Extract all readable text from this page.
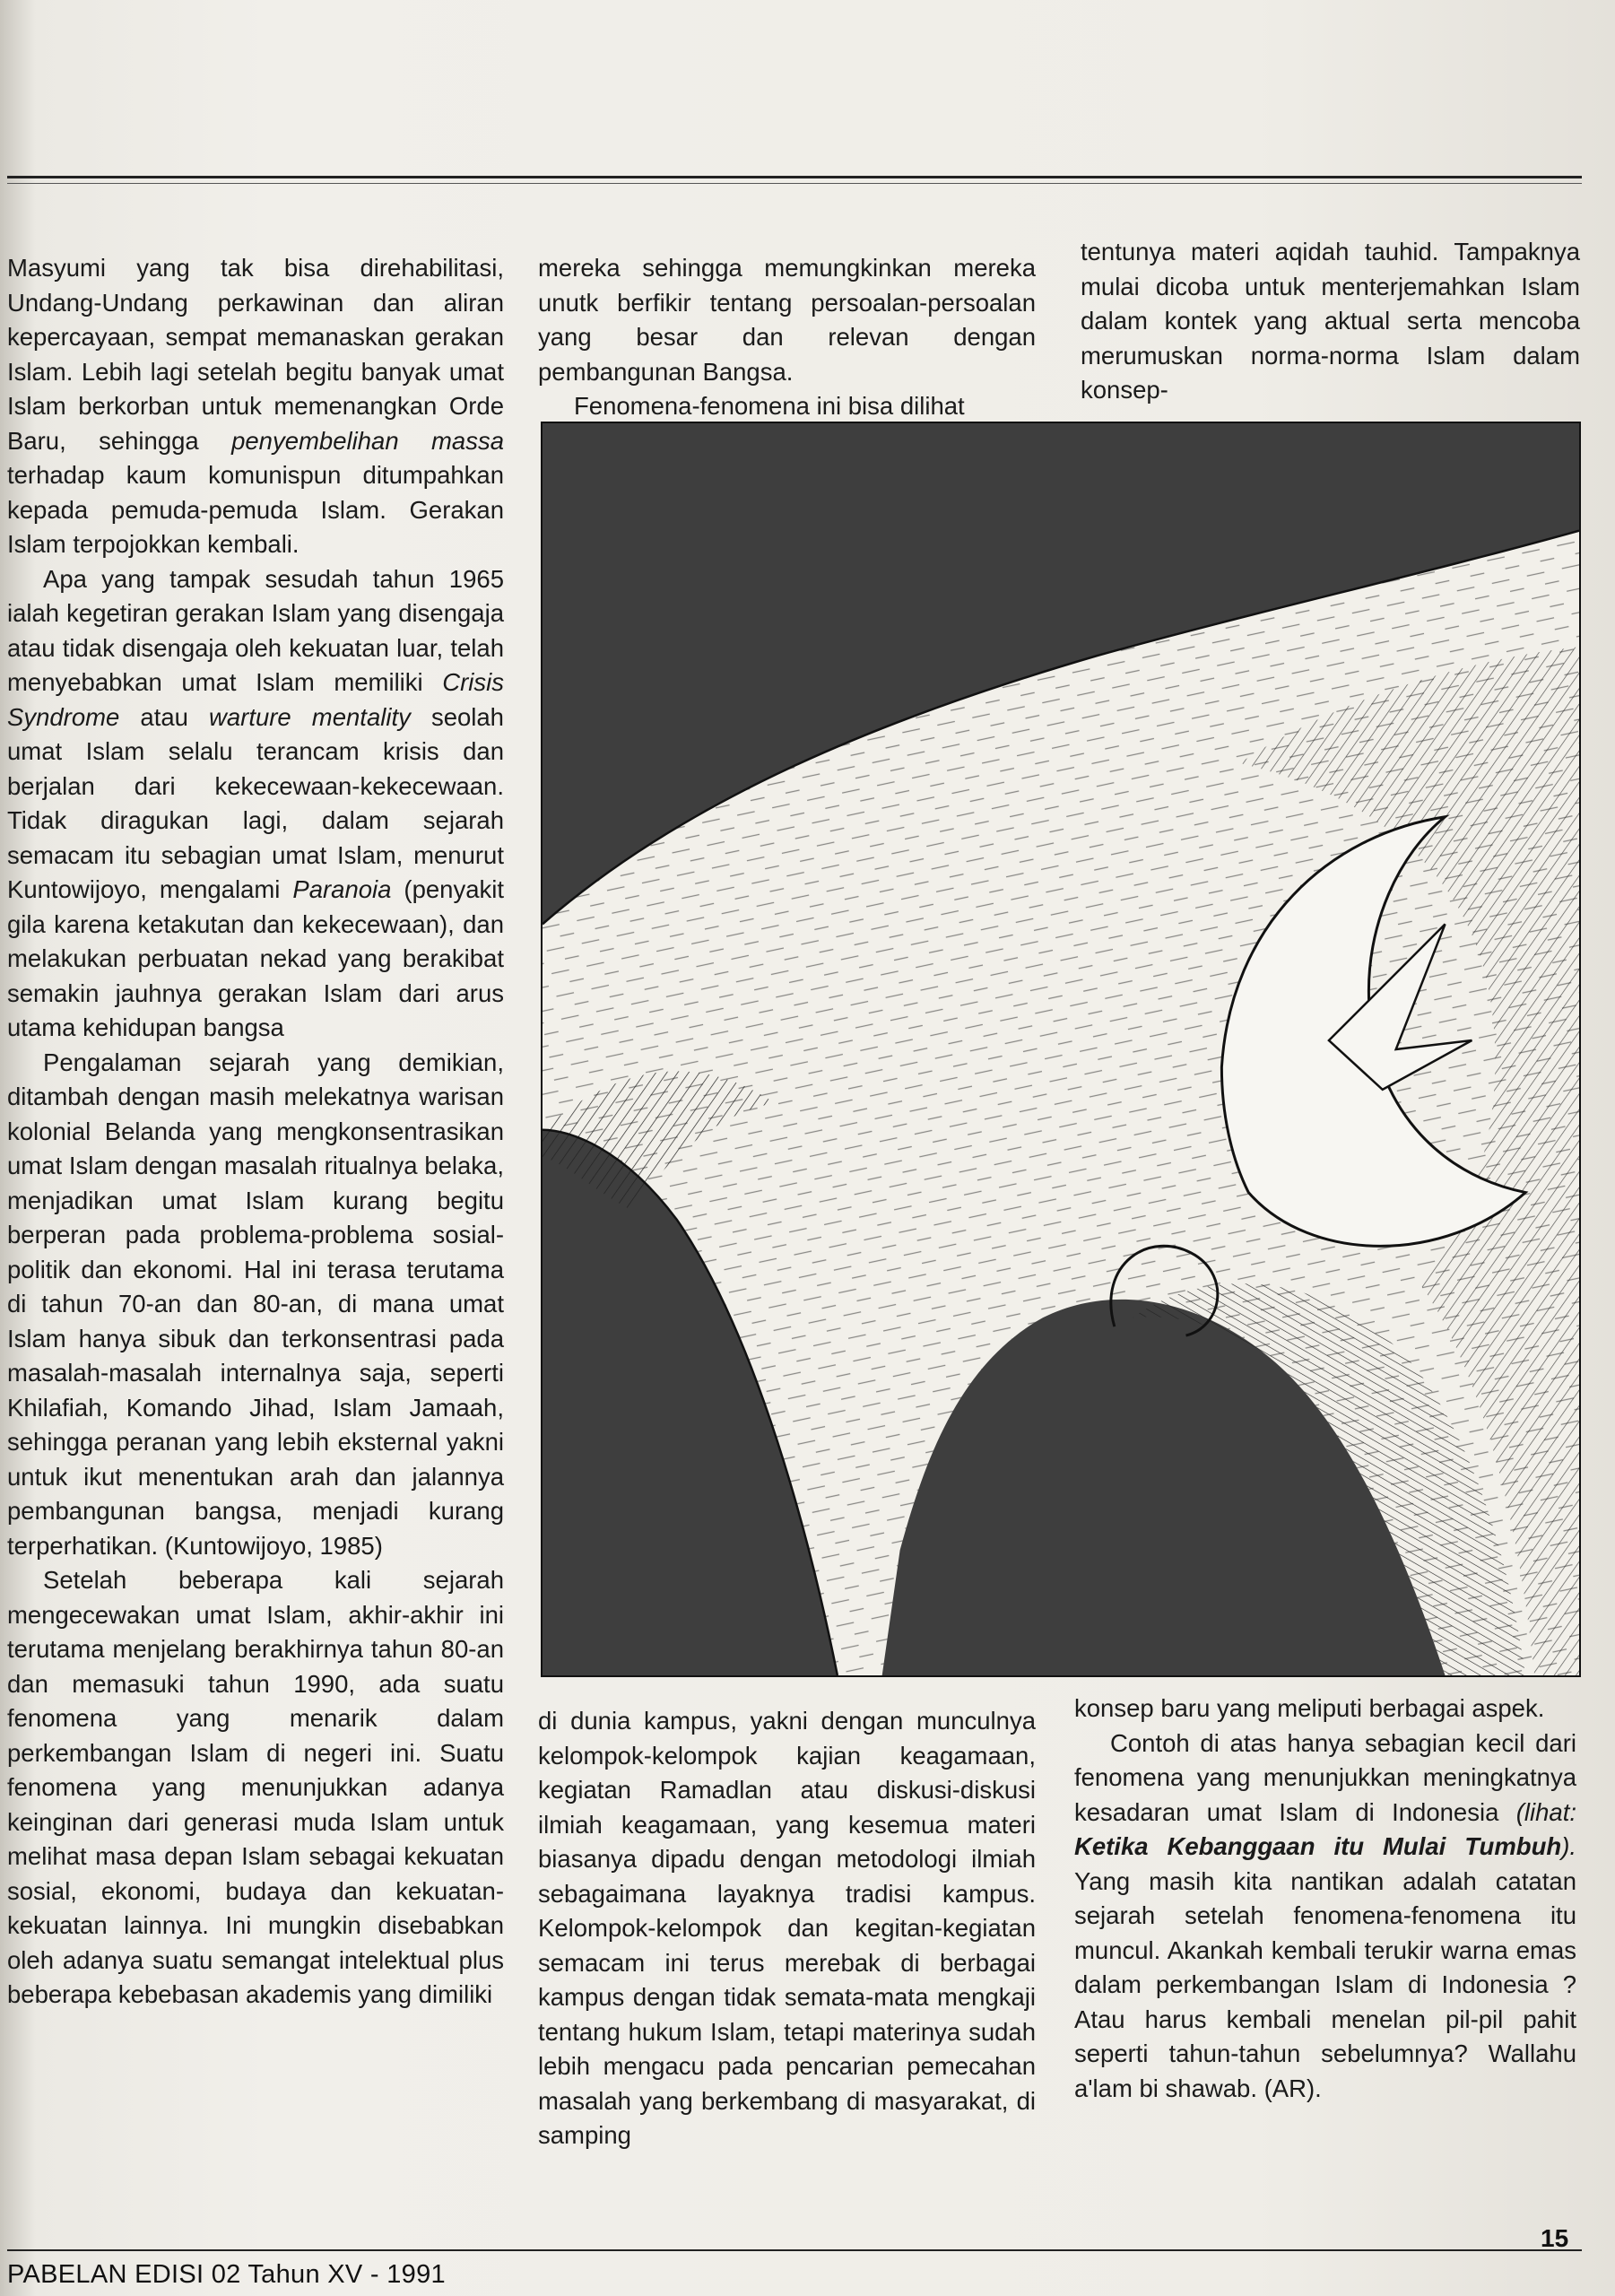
Masyumi yang tak bisa direhabilitasi, Undang-Undang perkawinan dan aliran kepercayaan, sempat memanaskan gerakan Islam. Lebih lagi setelah begitu banyak umat Islam berkorban untuk memenangkan Orde Baru, sehingga penyembelihan massa terhadap kaum komunispun ditumpahkan kepada pemuda-pemuda Islam. Gerakan Islam terpojokkan kembali.

Apa yang tampak sesudah tahun 1965 ialah kegetiran gerakan Islam yang disengaja atau tidak disengaja oleh kekuatan luar, telah menyebabkan umat Islam memiliki Crisis Syndrome atau warture mentality seolah umat Islam selalu terancam krisis dan berjalan dari kekecewaan-kekecewaan. Tidak diragukan lagi, dalam sejarah semacam itu sebagian umat Islam, menurut Kuntowijoyo, mengalami Paranoia (penyakit gila karena ketakutan dan kekecewaan), dan melakukan perbuatan nekad yang berakibat semakin jauhnya gerakan Islam dari arus utama kehidupan bangsa

Pengalaman sejarah yang demikian, ditambah dengan masih melekatnya warisan kolonial Belanda yang mengkonsentrasikan umat Islam dengan masalah ritualnya belaka, menjadikan umat Islam kurang begitu berperan pada problema-problema sosial-politik dan ekonomi. Hal ini terasa terutama di tahun 70-an dan 80-an, di mana umat Islam hanya sibuk dan terkonsentrasi pada masalah-masalah internalnya saja, seperti Khilafiah, Komando Jihad, Islam Jamaah, sehingga peranan yang lebih eksternal yakni untuk ikut menentukan arah dan jalannya pembangunan bangsa, menjadi kurang terperhatikan. (Kuntowijoyo, 1985)

Setelah beberapa kali sejarah mengecewakan umat Islam, akhir-akhir ini terutama menjelang berakhirnya tahun 80-an dan memasuki tahun 1990, ada suatu fenomena yang menarik dalam perkembangan Islam di negeri ini. Suatu fenomena yang menunjukkan adanya keinginan dari generasi muda Islam untuk melihat masa depan Islam sebagai kekuatan sosial, ekonomi, budaya dan kekuatan-kekuatan lainnya. Ini mungkin disebabkan oleh adanya suatu semangat intelektual plus beberapa kebebasan akademis yang dimiliki

mereka sehingga memungkinkan mereka unutk berfikir tentang persoalan-persoalan yang besar dan relevan dengan pembangunan Bangsa.

Fenomena-fenomena ini bisa dilihat

tentunya materi aqidah tauhid. Tampaknya mulai dicoba untuk menterjemahkan Islam dalam kontek yang aktual serta mencoba merumuskan norma-norma Islam dalam konsep-

di dunia kampus, yakni dengan munculnya kelompok-kelompok kajian keagamaan, kegiatan Ramadlan atau diskusi-diskusi ilmiah keagamaan, yang kesemua materi biasanya dipadu dengan metodologi ilmiah sebagaimana layaknya tradisi kampus. Kelompok-kelompok dan kegitan-kegiatan semacam ini terus merebak di berbagai kampus dengan tidak semata-mata mengkaji tentang hukum Islam, tetapi materinya sudah lebih mengacu pada pencarian pemecahan masalah yang berkembang di masyarakat, di samping

konsep baru yang meliputi berbagai aspek.

Contoh di atas hanya sebagian kecil dari fenomena yang menunjukkan meningkatnya kesadaran umat Islam di Indonesia (lihat: Ketika Kebanggaan itu Mulai Tumbuh). Yang masih kita nantikan adalah catatan sejarah setelah fenomena-fenomena itu muncul. Akankah kembali terukir warna emas dalam perkembangan Islam di Indonesia ? Atau harus kembali menelan pil-pil pahit seperti tahun-tahun sebelumnya? Wallahu a'lam bi shawab. (AR).

PABELAN EDISI 02 Tahun XV - 1991
15
